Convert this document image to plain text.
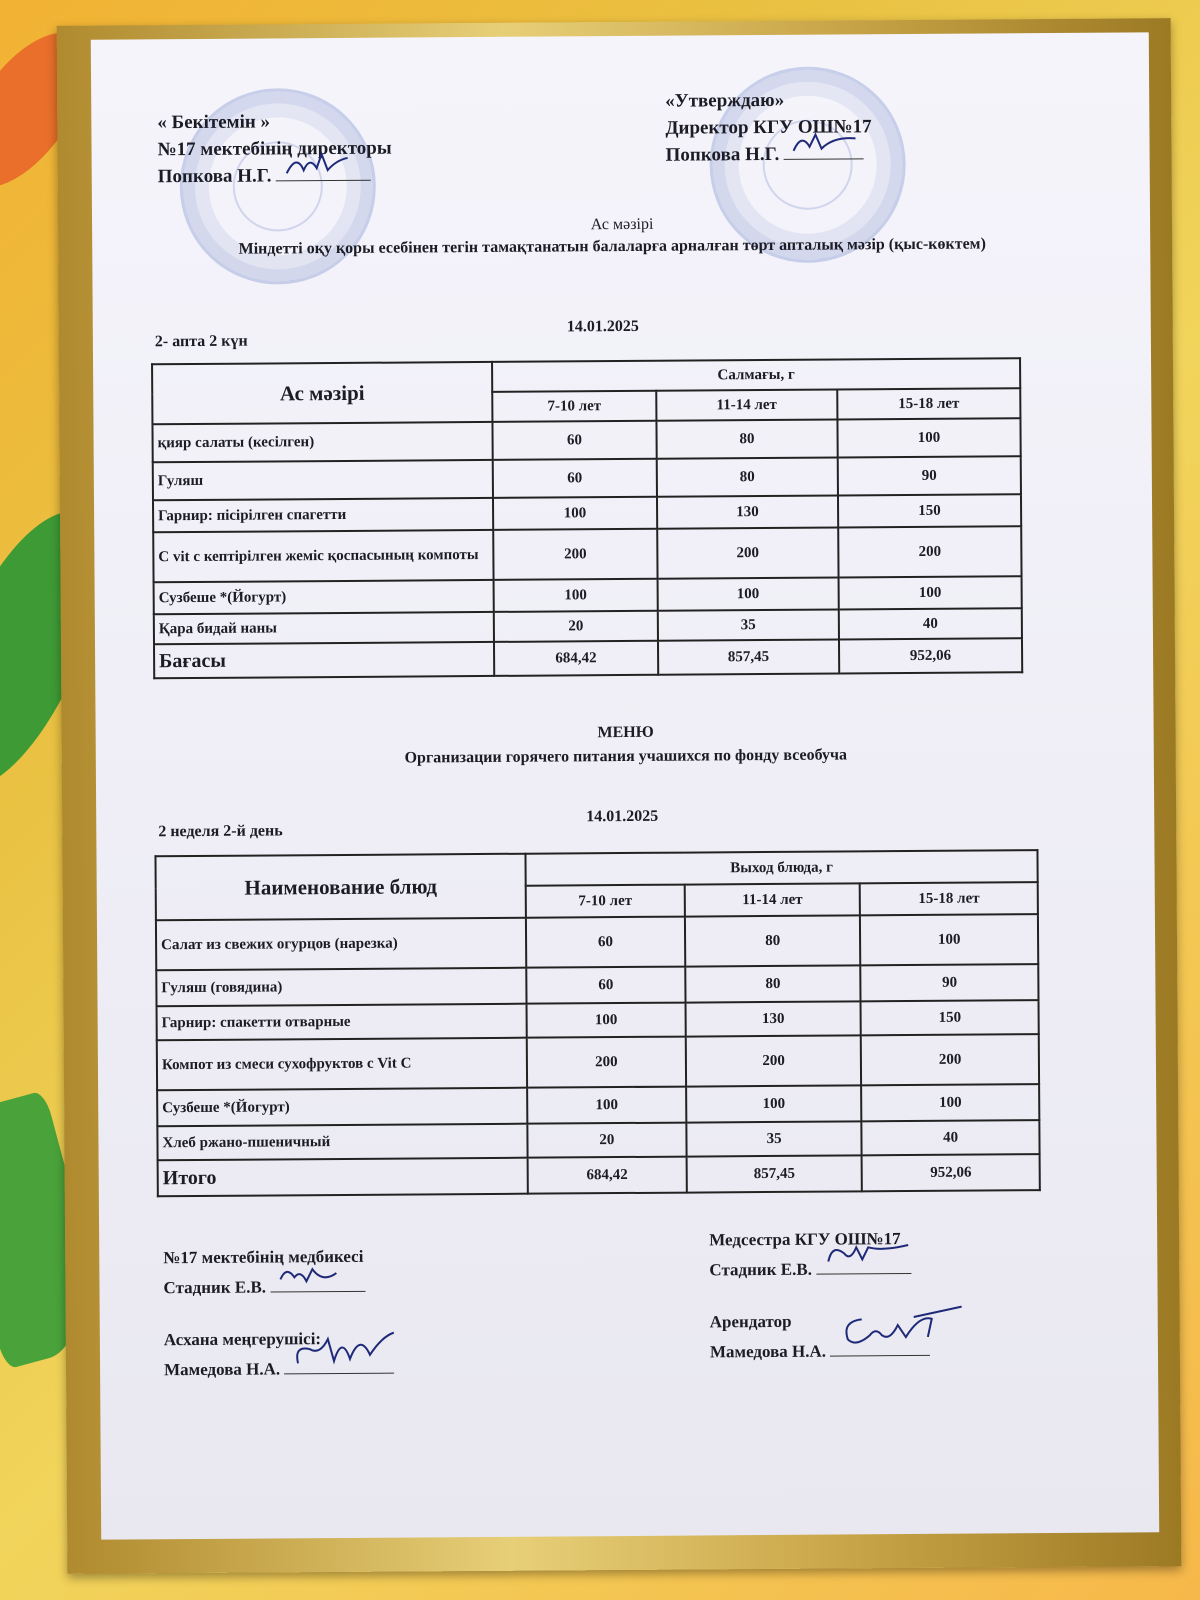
« Бекітемін »
№17 мектебінің директоры
Попкова Н.Г.
«Утверждаю»
Директор КГУ ОШ№17
Попкова Н.Г.
Ас мәзірі
Міндетті оқу қоры есебінен тегін тамақтанатын балаларға арналған төрт апталық мәзір (қыс-көктем)
2- апта 2 күн
14.01.2025
Ас мәзірі	Салмағы, г		
	7-10 лет	11-14 лет	15-18 лет
қияр салаты (кесілген)	60	80	100
Гуляш	60	80	90
Гарнир: пісірілген спагетти	100	130	150
С vit с кептірілген жеміс қоспасының компоты	200	200	200
Сузбеше *(Йогурт)	100	100	100
Қара бидай наны	20	35	40
Бағасы	684,42	857,45	952,06
МЕНЮ
Организации горячего питания учашихся по фонду всеобуча
2 неделя 2-й день
14.01.2025
Наименование блюд	Выход блюда, г		
	7-10 лет	11-14 лет	15-18 лет
Салат из свежих огурцов (нарезка)	60	80	100
Гуляш (говядина)	60	80	90
Гарнир: спакетти отварные	100	130	150
Компот из смеси сухофруктов с Vit C	200	200	200
Сузбеше *(Йогурт)	100	100	100
Хлеб ржано-пшеничный	20	35	40
Итого	684,42	857,45	952,06
№17 мектебінің медбикесі
Стадник Е.В.
Асхана меңгерушісі:
Мамедова Н.А.
Медсестра КГУ ОШ№17
Стадник Е.В.
Арендатор
Мамедова Н.А.
